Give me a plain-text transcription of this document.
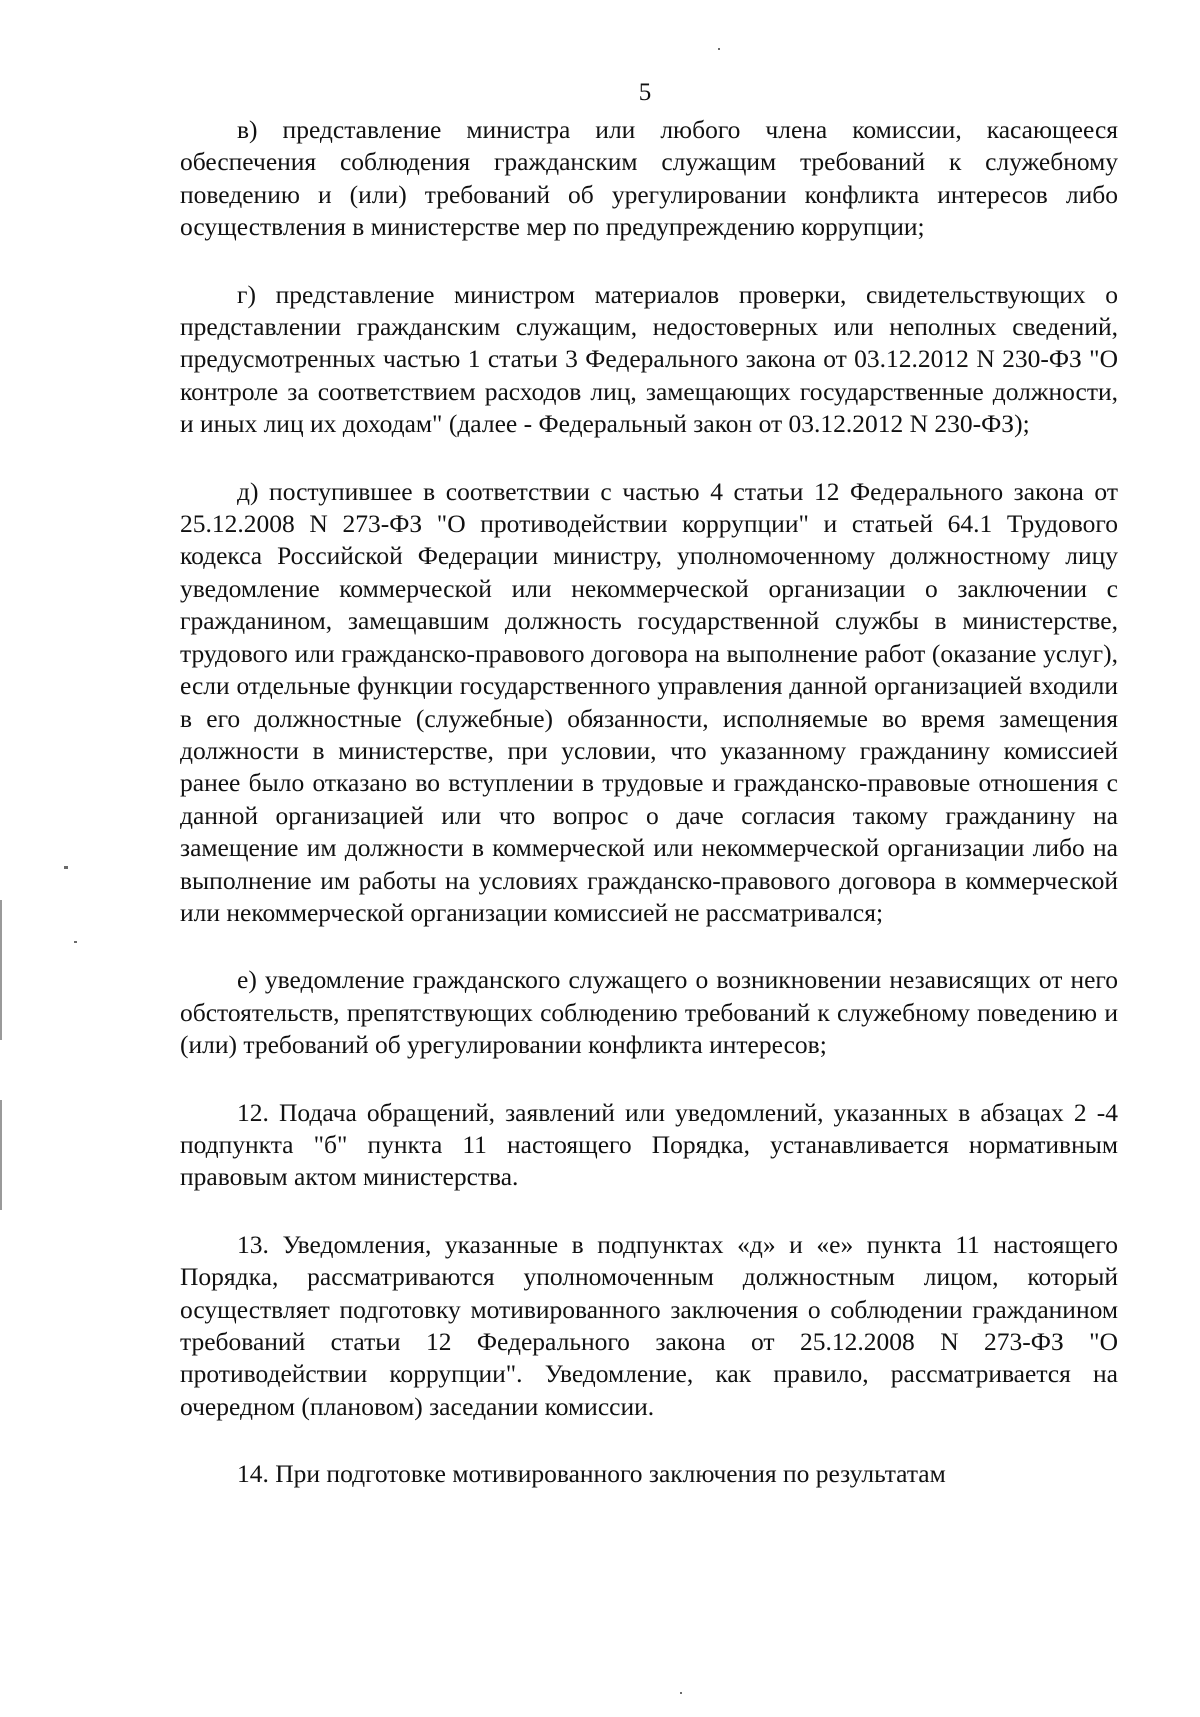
5

в) представление министра или любого члена комиссии, касающееся обеспечения соблюдения гражданским служащим требований к служебному поведению и (или) требований об урегулировании конфликта интересов либо осуществления в министерстве мер по предупреждению коррупции;

г) представление министром материалов проверки, свидетельствующих о представлении гражданским служащим, недостоверных или неполных сведений, предусмотренных частью 1 статьи 3 Федерального закона от 03.12.2012 N 230-ФЗ "О контроле за соответствием расходов лиц, замещающих государственные должности, и иных лиц их доходам" (далее - Федеральный закон от 03.12.2012 N 230-ФЗ);

д) поступившее в соответствии с частью 4 статьи 12 Федерального закона от 25.12.2008 N 273-ФЗ "О противодействии коррупции" и статьей 64.1 Трудового кодекса Российской Федерации министру, уполномоченному должностному лицу уведомление коммерческой или некоммерческой организации о заключении с гражданином, замещавшим должность государственной службы в министерстве, трудового или гражданско-правового договора на выполнение работ (оказание услуг), если отдельные функции государственного управления данной организацией входили в его должностные (служебные) обязанности, исполняемые во время замещения должности в министерстве, при условии, что указанному гражданину комиссией ранее было отказано во вступлении в трудовые и гражданско-правовые отношения с данной организацией или что вопрос о даче согласия такому гражданину на замещение им должности в коммерческой или некоммерческой организации либо на выполнение им работы на условиях гражданско-правового договора в коммерческой или некоммерческой организации комиссией не рассматривался;

е) уведомление гражданского служащего о возникновении независящих от него обстоятельств, препятствующих соблюдению требований к служебному поведению и (или) требований об урегулировании конфликта интересов;

12. Подача обращений, заявлений или уведомлений, указанных в абзацах 2 -4 подпункта "б" пункта 11 настоящего Порядка, устанавливается нормативным правовым актом министерства.

13. Уведомления, указанные в подпунктах «д» и «е» пункта 11 настоящего Порядка, рассматриваются уполномоченным должностным лицом, который осуществляет подготовку мотивированного заключения о соблюдении гражданином требований статьи 12 Федерального закона от 25.12.2008 N 273-ФЗ "О противодействии коррупции". Уведомление, как правило, рассматривается на очередном (плановом) заседании комиссии.

14. При подготовке мотивированного заключения по результатам
